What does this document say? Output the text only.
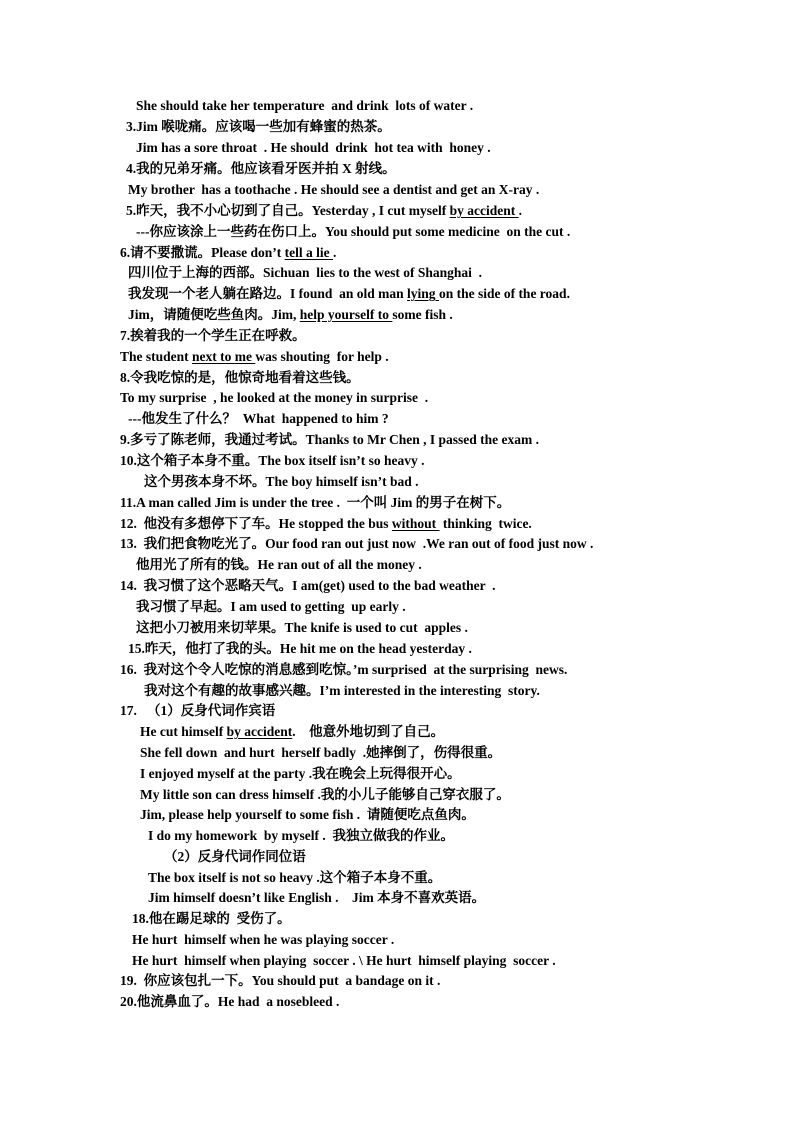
She should take her temperature  and drink  lots of water .
3.Jim 喉咙痛。应该喝一些加有蜂蜜的热茶。
Jim has a sore throat  . He should  drink  hot tea with  honey .
4.我的兄弟牙痛。他应该看牙医并拍 X 射线。
My brother  has a toothache . He should see a dentist and get an X-ray .
5.昨天，我不小心切到了自己。Yesterday , I cut myself by accident .
---你应该涂上一些药在伤口上。You should put some medicine  on the cut .
6.请不要撒谎。Please don’t tell a lie .
四川位于上海的西部。Sichuan  lies to the west of Shanghai  .
我发现一个老人躺在路边。I found  an old man lying on the side of the road.
Jim，请随便吃些鱼肉。Jim, help yourself to some fish .
7.挨着我的一个学生正在呼救。
The student next to me was shouting  for help .
8.令我吃惊的是，他惊奇地看着这些钱。
To my surprise  , he looked at the money in surprise  .
---他发生了什么？  What  happened to him ?
9.多亏了陈老师，我通过考试。Thanks to Mr Chen , I passed the exam .
10.这个箱子本身不重。The box itself isn’t so heavy .
这个男孩本身不坏。The boy himself isn’t bad .
11.A man called Jim is under the tree .  一个叫 Jim 的男子在树下。
12.  他没有多想停下了车。He stopped the bus without  thinking  twice.
13.  我们把食物吃光了。Our food ran out just now  .We ran out of food just now .
他用光了所有的钱。He ran out of all the money .
14.  我习惯了这个恶略天气。I am(get) used to the bad weather  .
我习惯了早起。I am used to getting  up early .
这把小刀被用来切苹果。The knife is used to cut  apples .
15.昨天，他打了我的头。He hit me on the head yesterday .
16.  我对这个令人吃惊的消息感到吃惊。’m surprised  at the surprising  news.
我对这个有趣的故事感兴趣。I’m interested in the interesting  story.
17.   （1）反身代词作宾语
He cut himself by accident.    他意外地切到了自己。
She fell down  and hurt  herself badly  .她摔倒了，伤得很重。
I enjoyed myself at the party .我在晚会上玩得很开心。
My little son can dress himself .我的小儿子能够自己穿衣服了。
Jim, please help yourself to some fish .  请随便吃点鱼肉。
I do my homework  by myself .  我独立做我的作业。
（2）反身代词作同位语
The box itself is not so heavy .这个箱子本身不重。
Jim himself doesn’t like English .    Jim 本身不喜欢英语。
18.他在踢足球的  受伤了。
He hurt  himself when he was playing soccer .
He hurt  himself when playing  soccer . \ He hurt  himself playing  soccer .
19.  你应该包扎一下。You should put  a bandage on it .
20.他流鼻血了。He had  a nosebleed .
